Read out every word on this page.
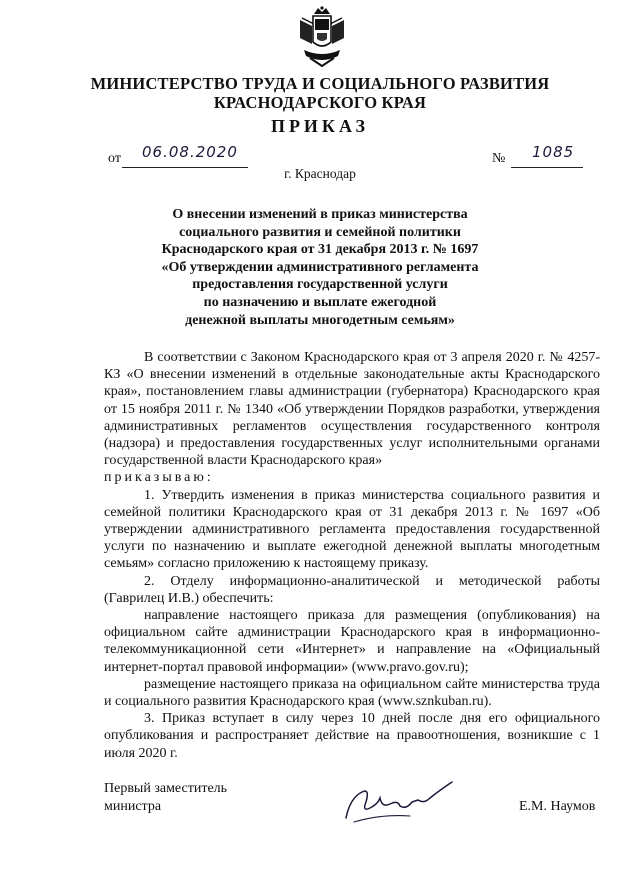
МИНИСТЕРСТВО ТРУДА И СОЦИАЛЬНОГО РАЗВИТИЯ
КРАСНОДАРСКОГО КРАЯ
ПРИКАЗ
от 06.08.2020	№ 1085
г. Краснодар
О внесении изменений в приказ министерства
социального развития и семейной политики
Краснодарского края от 31 декабря 2013 г. № 1697
«Об утверждении административного регламента
предоставления государственной услуги
по назначению и выплате ежегодной
денежной выплаты многодетным семьям»

В соответствии с Законом Краснодарского края от 3 апреля 2020 г. № 4257-КЗ «О внесении изменений в отдельные законодательные акты Краснодарского края», постановлением главы администрации (губернатора) Краснодарского края от 15 ноября 2011 г. № 1340 «Об утверждении Порядков разработки, утверждения административных регламентов осуществления государственного контроля (надзора) и предоставления государственных услуг исполнительными органами государственной власти Краснодарского края»

приказываю:

1. Утвердить изменения в приказ министерства социального развития и семейной политики Краснодарского края от 31 декабря 2013 г. № 1697 «Об утверждении административного регламента предоставления государственной услуги по назначению и выплате ежегодной денежной выплаты многодетным семьям» согласно приложению к настоящему приказу.

2. Отделу информационно-аналитической и методической работы (Гаврилец И.В.) обеспечить:

направление настоящего приказа для размещения (опубликования) на официальном сайте администрации Краснодарского края в информационно-телекоммуникационной сети «Интернет» и направление на «Официальный интернет-портал правовой информации» (www.pravo.gov.ru);

размещение настоящего приказа на официальном сайте министерства труда и социального развития Краснодарского края (www.sznkuban.ru).

3. Приказ вступает в силу через 10 дней после дня его официального опубликования и распространяет действие на правоотношения, возникшие с 1 июля 2020 г.

Первый заместитель
министра	Е.М. Наумов
